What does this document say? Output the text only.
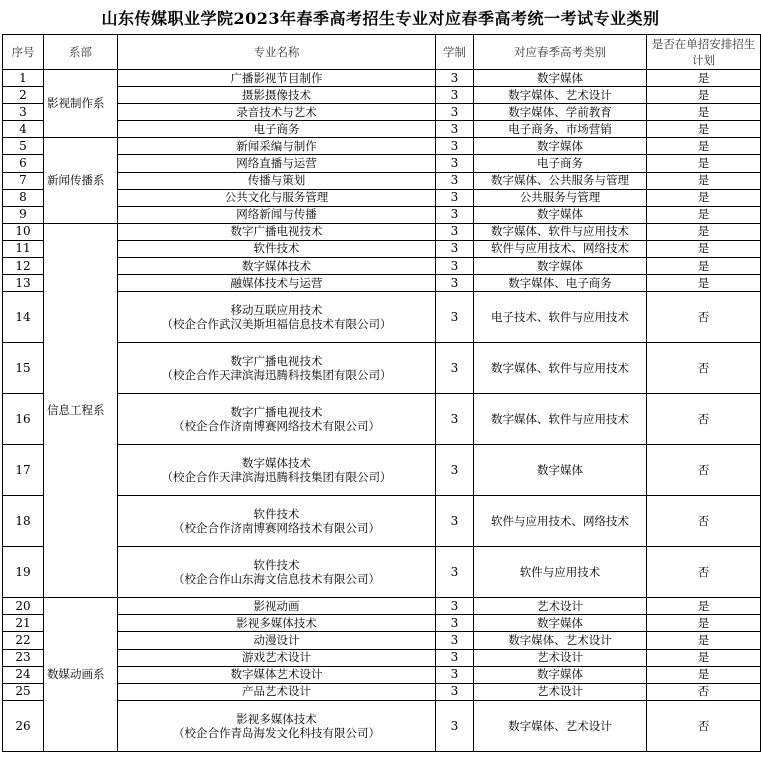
山东传媒职业学院2023年春季高考招生专业对应春季高考统一考试专业类别
序号	系部	专业名称	学制	对应春季高考类别	是否在单招安排招生计划
1	影视制作系	广播影视节目制作	3	数字媒体	是
2		摄影摄像技术	3	数字媒体、艺术设计	是
3		录音技术与艺术	3	数字媒体、学前教育	是
4		电子商务	3	电子商务、市场营销	是
5	新闻传播系	新闻采编与制作	3	数字媒体	是
6		网络直播与运营	3	电子商务	是
7		传播与策划	3	数字媒体、公共服务与管理	是
8		公共文化与服务管理	3	公共服务与管理	是
9		网络新闻与传播	3	数字媒体	是
10	信息工程系	数字广播电视技术	3	数字媒体、软件与应用技术	是
11		软件技术	3	软件与应用技术、网络技术	是
12		数字媒体技术	3	数字媒体	是
13		融媒体技术与运营	3	数字媒体、电子商务	是
14		移动互联应用技术
（校企合作武汉美斯坦福信息技术有限公司）	3	电子技术、软件与应用技术	否
15		数字广播电视技术
（校企合作天津滨海迅腾科技集团有限公司）	3	数字媒体、软件与应用技术	否
16		数字广播电视技术
（校企合作济南博赛网络技术有限公司）	3	数字媒体、软件与应用技术	否
17		数字媒体技术
（校企合作天津滨海迅腾科技集团有限公司）	3	数字媒体	否
18		软件技术
（校企合作济南博赛网络技术有限公司）	3	软件与应用技术、网络技术	否
19		软件技术
（校企合作山东海文信息技术有限公司）	3	软件与应用技术	否
20	数媒动画系	影视动画	3	艺术设计	是
21		影视多媒体技术	3	数字媒体	是
22		动漫设计	3	数字媒体、艺术设计	是
23		游戏艺术设计	3	艺术设计	是
24		数字媒体艺术设计	3	数字媒体	是
25		产品艺术设计	3	艺术设计	否
26		影视多媒体技术
（校企合作青岛海发文化科技有限公司）	3	数字媒体、艺术设计	否
